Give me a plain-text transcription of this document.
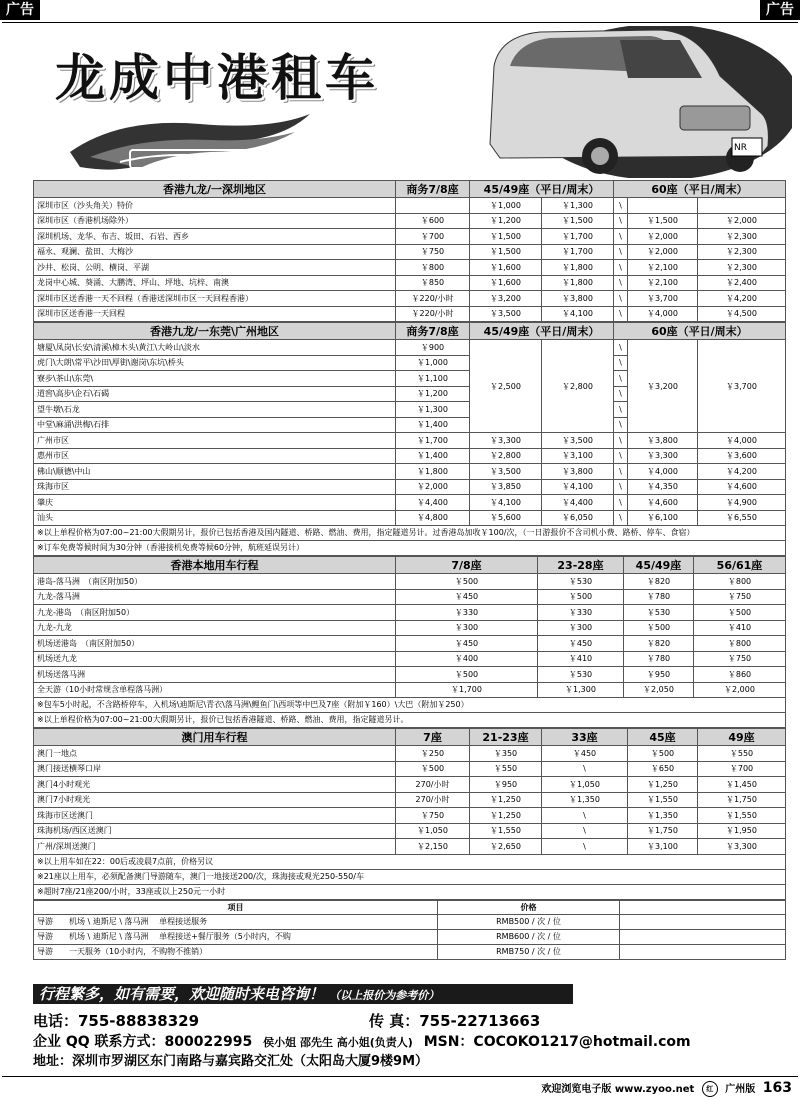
广告	广告
龙成中港租车
NR
香港九龙/一深圳地区	商务7/8座	45/49座（平日/周末）		60座（平日/周末）		
深圳市区（沙头角关）特价		￥1,000	￥1,300	\		
深圳市区（香港机场除外）	￥600	￥1,200	￥1,500	\	￥1,500	￥2,000
深圳机场、龙华、布吉、坂田、石岩、西乡	￥700	￥1,500	￥1,700	\	￥2,000	￥2,300
福永、观澜、盐田、大梅沙	￥750	￥1,500	￥1,700	\	￥2,000	￥2,300
沙井、松岗、公明、横岗、平湖	￥800	￥1,600	￥1,800	\	￥2,100	￥2,300
龙岗中心城、葵涌、大鹏湾、坪山、坪地、坑梓、南澳	￥850	￥1,600	￥1,800	\	￥2,100	￥2,400
深圳市区送香港一天不回程（香港送深圳市区一天回程香港）	￥220/小时	￥3,200	￥3,800	\	￥3,700	￥4,200
深圳市区送香港一天回程	￥220/小时	￥3,500	￥4,100	\	￥4,000	￥4,500
香港九龙/一东莞\广州地区	商务7/8座	45/49座（平日/周末）		60座（平日/周末）		
塘厦\凤岗\长安\清溪\樟木头\黄江\大岭山\淡水	￥900	￥2,500	￥2,800	\	￥3,200	￥3,700
虎门\大朗\常平\沙田\厚街\谢岗\东坑\桥头	￥1,000			\		
寮步\茶山\东莞\	￥1,100			\		
道窖\高步\企石\石碣	￥1,200			\		
望牛墩\石龙	￥1,300			\		
中堂\麻涌\洪梅\石排	￥1,400			\		
广州市区	￥1,700	￥3,300	￥3,500	\	￥3,800	￥4,000
惠州市区	￥1,400	￥2,800	￥3,100	\	￥3,300	￥3,600
佛山\顺德\中山	￥1,800	￥3,500	￥3,800	\	￥4,000	￥4,200
珠海市区	￥2,000	￥3,850	￥4,100	\	￥4,350	￥4,600
肇庆	￥4,400	￥4,100	￥4,400	\	￥4,600	￥4,900
汕头	￥4,800	￥5,600	￥6,050	\	￥6,100	￥6,550
※以上单程价格为07:00~21:00大假期另计，报价已包括香港及国内隧道、桥路、燃油、费用，指定隧道另计。过香港岛加收￥100/次，（一日游报价不含司机小费、路桥、停车、食宿）						
※订车免费等候时间为30分钟（香港接机免费等候60分钟，航班延误另计）						
香港本地用车行程	7/8座	23-28座	45/49座	56/61座
港岛-落马洲　（南区附加50）	￥500	￥530	￥820	￥800
九龙-落马洲	￥450	￥500	￥780	￥750
九龙-港岛　（南区附加50）	￥330	￥330	￥530	￥500
九龙-九龙	￥300	￥300	￥500	￥410
机场送港岛　（南区附加50）	￥450	￥450	￥820	￥800
机场送九龙	￥400	￥410	￥780	￥750
机场送落马洲	￥500	￥530	￥950	￥860
全天游（10小时常规含单程落马洲）	￥1,700	￥1,300	￥2,050	￥2,000
※包车5小时起，不含路桥停车，入机场\迪斯尼\青衣\落马洲\鲤鱼门\西项等中巴及7座（附加￥160）\大巴（附加￥250）				
※以上单程价格为07:00~21:00大假期另计，报价已包括香港隧道、桥路、燃油、费用，指定隧道另计。				
澳门用车行程	7座	21-23座	33座	45座	49座
澳门一地点	￥250	￥350	￥450	￥500	￥550
澳门接送横琴口岸	￥500	￥550	\	￥650	￥700
澳门4小时观光	270/小时	￥950	￥1,050	￥1,250	￥1,450
澳门7小时观光	270/小时	￥1,250	￥1,350	￥1,550	￥1,750
珠海市区送澳门	￥750	￥1,250	\	￥1,350	￥1,550
珠海机场/西区送澳门	￥1,050	￥1,550	\	￥1,750	￥1,950
广州/深圳送澳门	￥2,150	￥2,650	\	￥3,100	￥3,300
※以上用车如在22：00后或凌晨7点前，价格另议					
※21座以上用车，必须配备澳门导游随车，澳门一地接送200/次，珠海接或观光250-550/车					
※超时7座/21座200/小时，33座或以上250元一小时					
项目	价格	
导游　　机场 \ 迪斯尼 \ 落马洲　 单程接送服务	RMB500 / 次 / 位	
导游　　机场 \ 迪斯尼 \ 落马洲　 单程接送+餐厅服务（5小时内，不购	RMB600 / 次 / 位	
导游　　一天服务（10小时内，不购物不推销）	RMB750 / 次 / 位	
行程繁多，如有需要，欢迎随时来电咨询！ （以上报价为参考价）
电话：755-88838329	传 真：755-22713663
企业 QQ 联系方式：800022995 侯小姐 邵先生 高小姐(负责人) MSN：COCOKO1217@hotmail.com
地址：深圳市罗湖区东门南路与嘉宾路交汇处（太阳岛大厦9楼9M）
欢迎浏览电子版 www.zyoo.net 红 广州版 163
